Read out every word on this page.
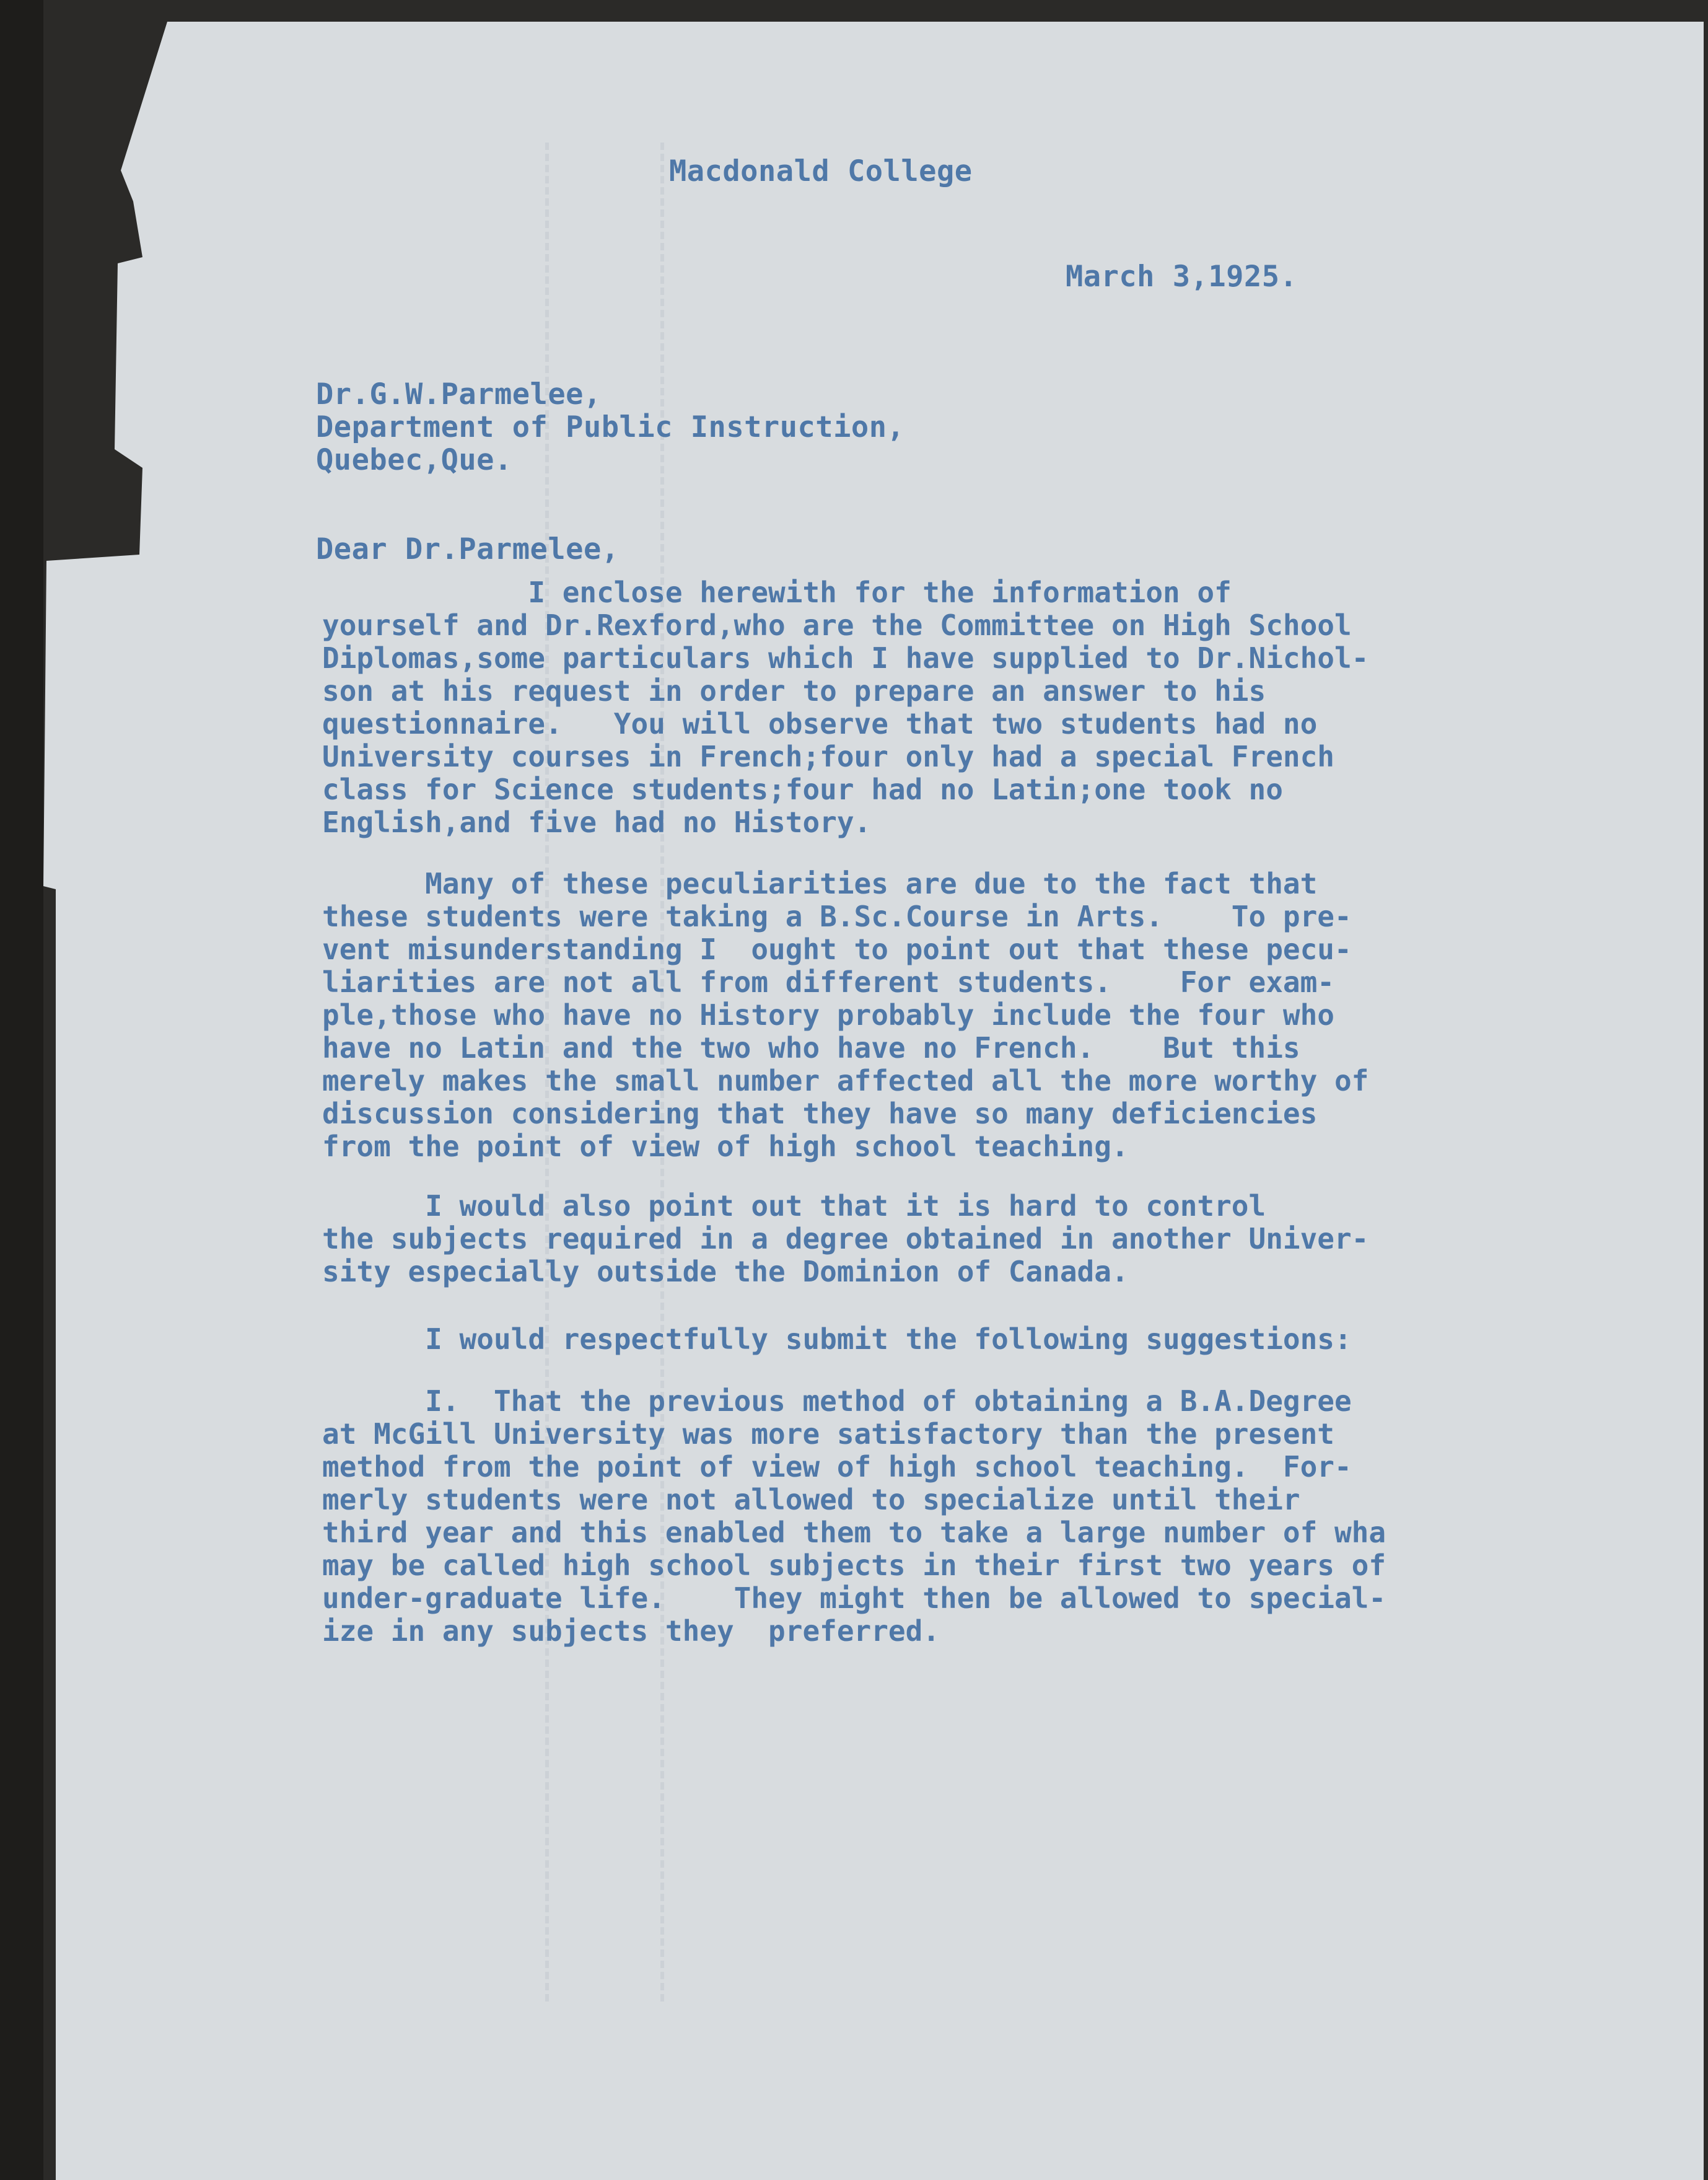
Macdonald College
March 3,1925.
Dr.G.W.Parmelee,
Department of Public Instruction,
Quebec,Que.
Dear Dr.Parmelee,
I enclose herewith for the information of
yourself and Dr.Rexford,who are the Committee on High School
Diplomas,some particulars which I have supplied to Dr.Nichol-
son at his request in order to prepare an answer to his
questionnaire.   You will observe that two students had no
University courses in French;four only had a special French
class for Science students;four had no Latin;one took no
English,and five had no History.
Many of these peculiarities are due to the fact that
these students were taking a B.Sc.Course in Arts.    To pre-
vent misunderstanding I  ought to point out that these pecu-
liarities are not all from different students.    For exam-
ple,those who have no History probably include the four who
have no Latin and the two who have no French.    But this
merely makes the small number affected all the more worthy of
discussion considering that they have so many deficiencies
from the point of view of high school teaching.
I would also point out that it is hard to control
the subjects required in a degree obtained in another Univer-
sity especially outside the Dominion of Canada.
I would respectfully submit the following suggestions:
I.  That the previous method of obtaining a B.A.Degree
at McGill University was more satisfactory than the present
method from the point of view of high school teaching.  For-
merly students were not allowed to specialize until their
third year and this enabled them to take a large number of wha
may be called high school subjects in their first two years of
under-graduate life.    They might then be allowed to special-
ize in any subjects they  preferred.
